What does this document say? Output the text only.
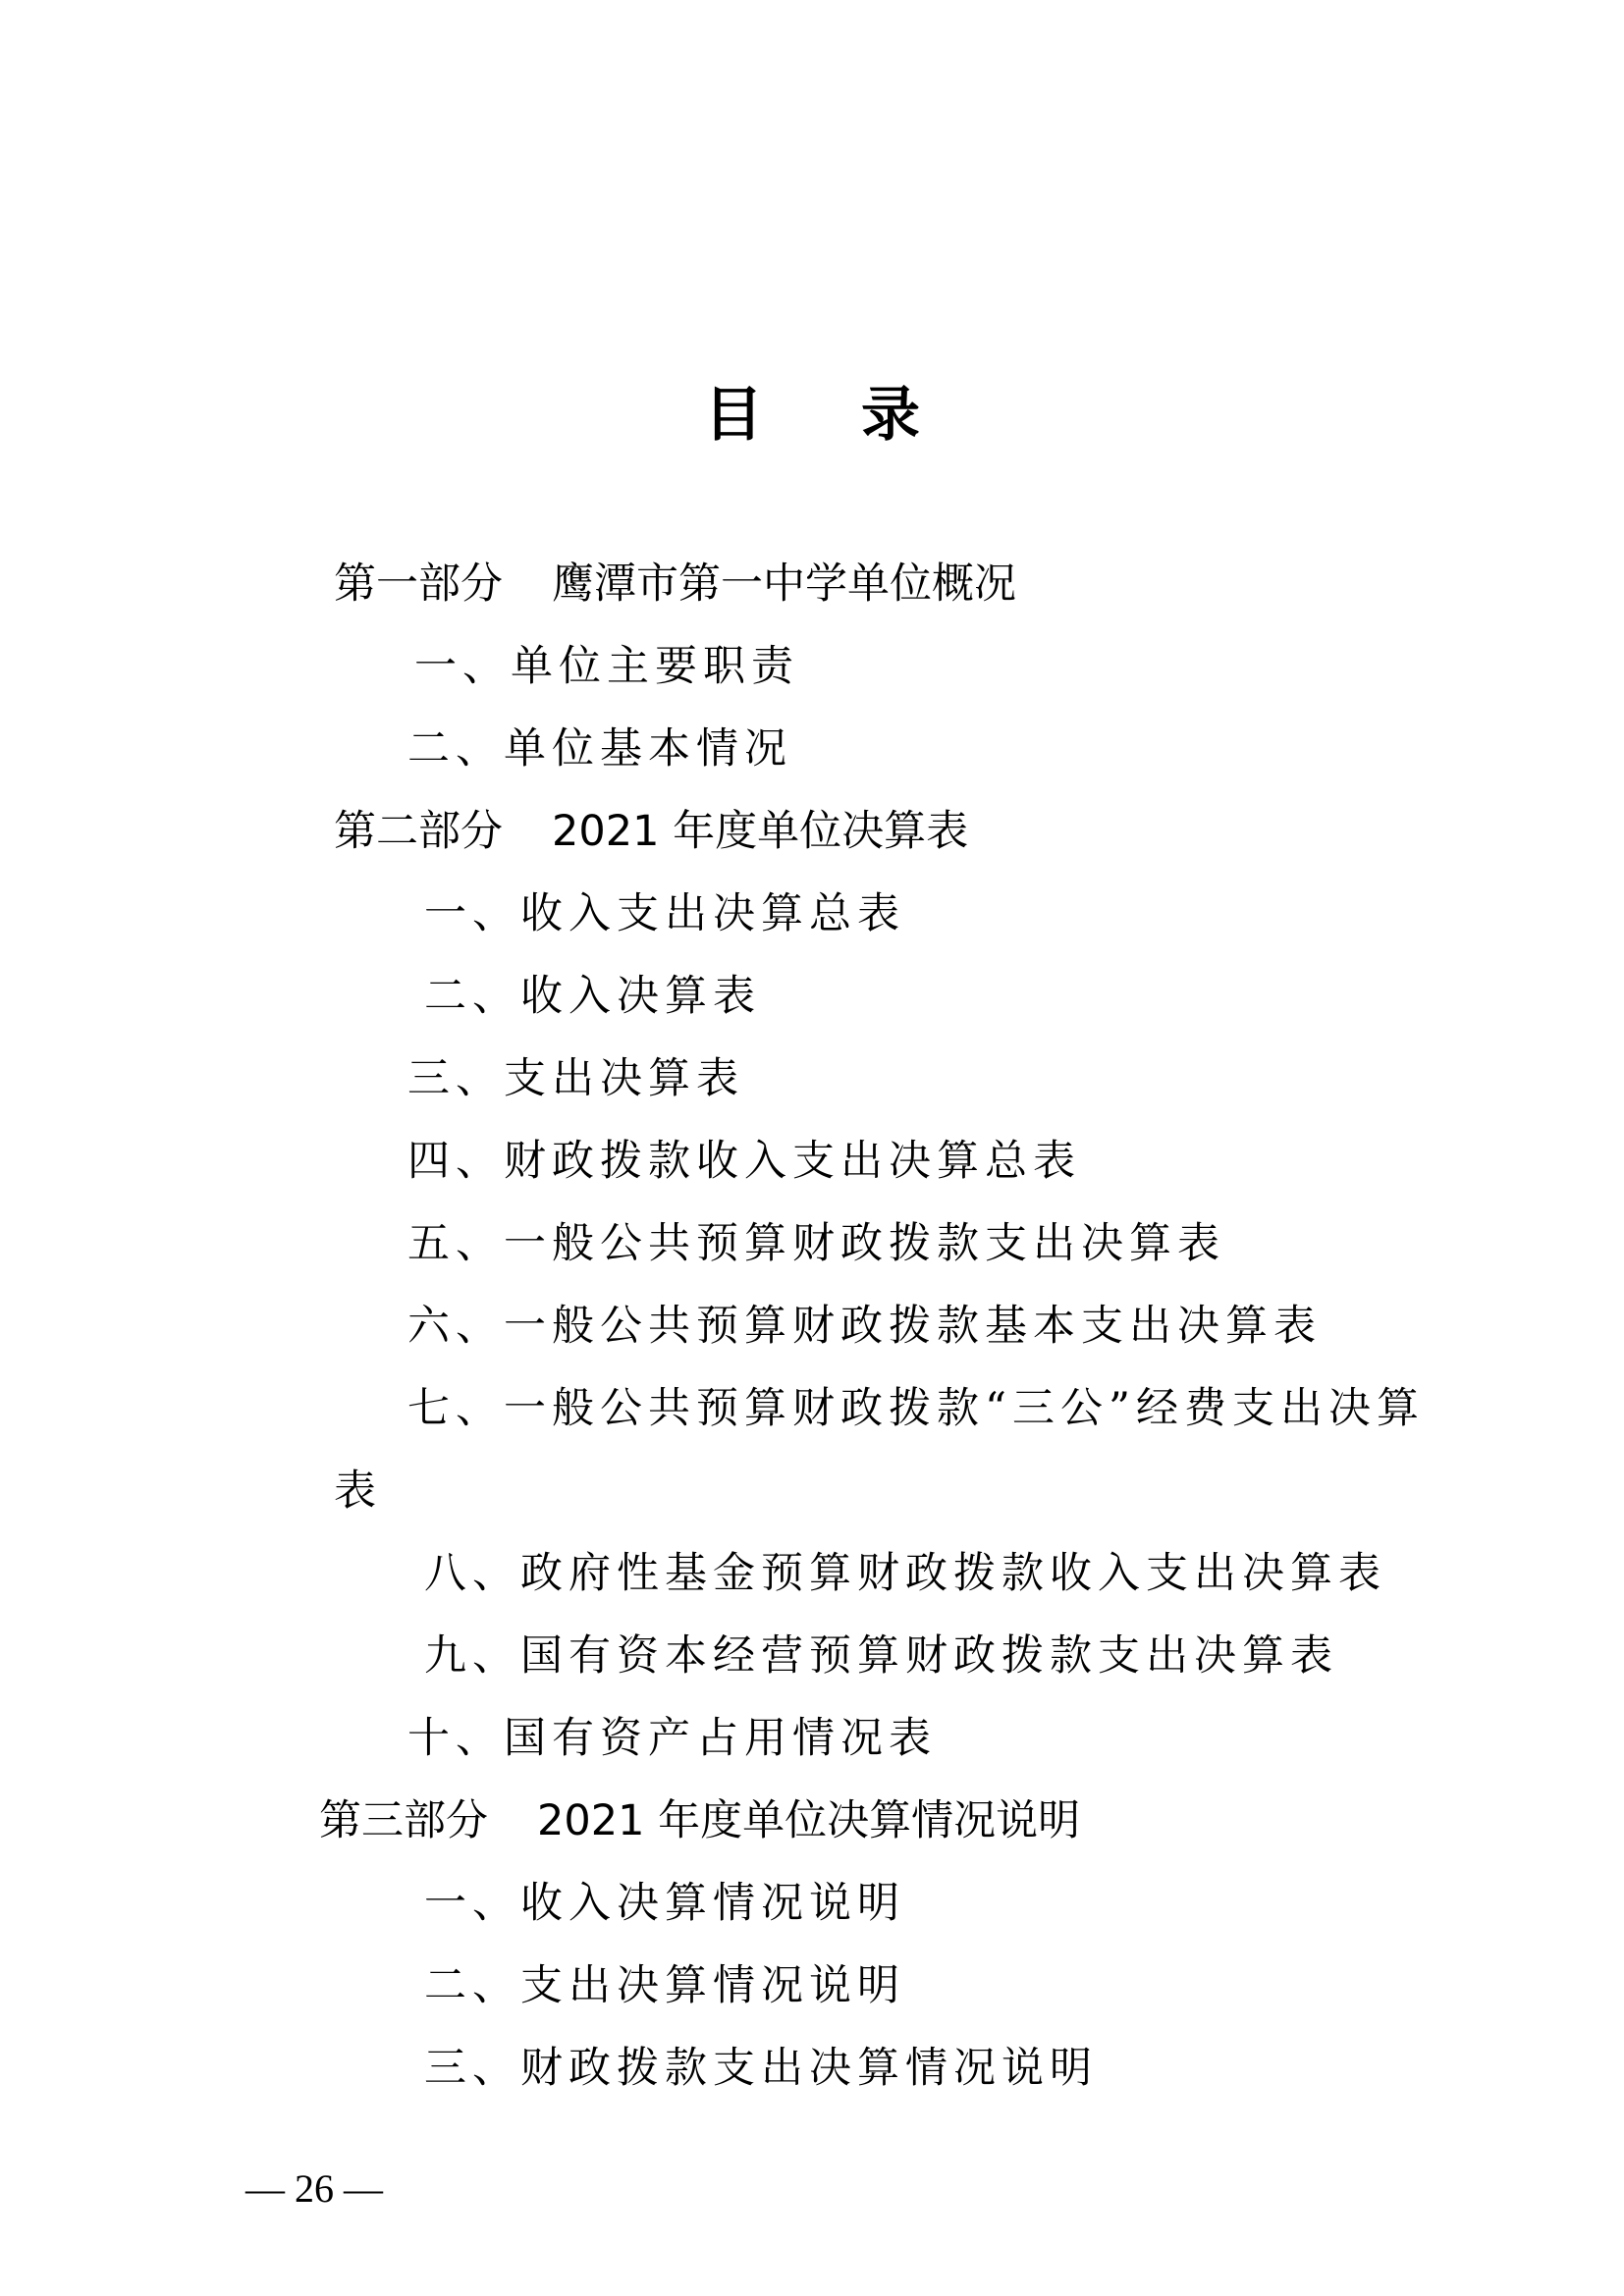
目录
第一部分 鹰潭市第一中学单位概况
一、单位主要职责
二、单位基本情况
第二部分 2021 年度单位决算表
一、收入支出决算总表
二、收入决算表
三、支出决算表
四、财政拨款收入支出决算总表
五、一般公共预算财政拨款支出决算表
六、一般公共预算财政拨款基本支出决算表
七、一般公共预算财政拨款“三公”经费支出决算
表
八、政府性基金预算财政拨款收入支出决算表
九、国有资本经营预算财政拨款支出决算表
十、国有资产占用情况表
第三部分 2021 年度单位决算情况说明
一、收入决算情况说明
二、支出决算情况说明
三、财政拨款支出决算情况说明
— 26 —
